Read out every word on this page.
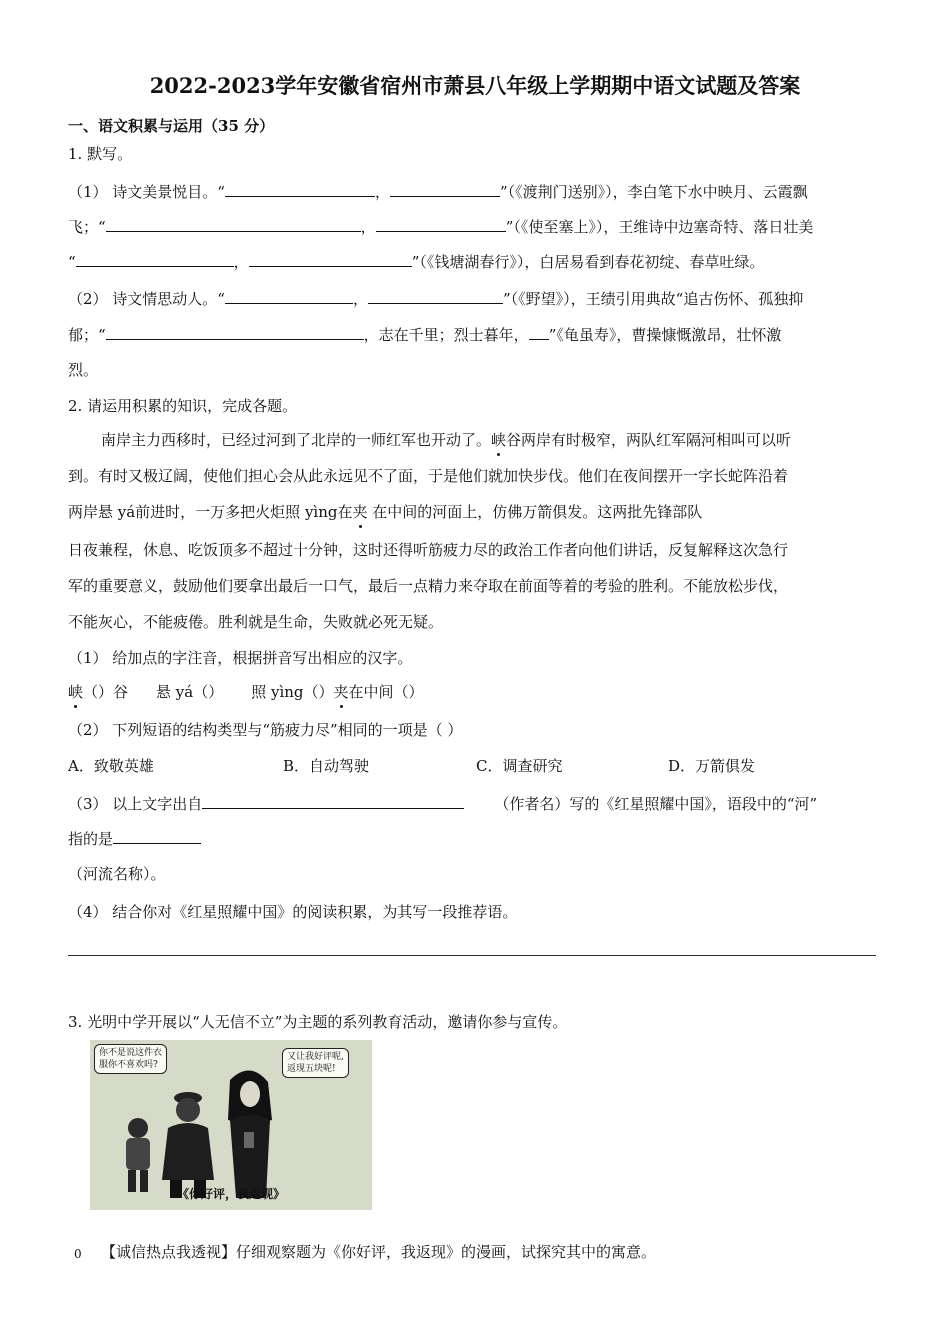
2022-2023学年安徽省宿州市萧县八年级上学期期中语文试题及答案
一、语文积累与运用（35 分）
1. 默写。
（1） 诗文美景悦目。“	，	”（《渡荆门送别》），李白笔下水中映月、云霞飘
飞；“	，	”（《使至塞上》），王维诗中边塞奇特、落日壮美
“	，	”（《钱塘湖春行》），白居易看到春花初绽、春草吐绿。
（2） 诗文情思动人。“	，	”（《野望》），王绩引用典故“追古伤怀、孤独抑
郁；“	，志在千里；烈士暮年， ”《龟虽寿》，曹操慷慨激昂，壮怀激
烈。
2. 请运用积累的知识，完成各题。
南岸主力西移时，已经过河到了北岸的一师红军也开动了。峡谷两岸有时极窄，两队红军隔河相叫可以听
到。有时又极辽阔，使他们担心会从此永远见不了面，于是他们就加快步伐。他们在夜间摆开一字长蛇阵沿着
两岸悬 yá前进时，一万多把火炬照 yìng在夹 在中间的河面上，仿佛万箭俱发。这两批先锋部队
日夜兼程，休息、吃饭顶多不超过十分钟，这时还得听筋疲力尽的政治工作者向他们讲话，反复解释这次急行
军的重要意义，鼓励他们要拿出最后一口气，最后一点精力来夺取在前面等着的考验的胜利。不能放松步伐，
不能灰心，不能疲倦。胜利就是生命，失败就必死无疑。
（1） 给加点的字注音，根据拼音写出相应的汉字。
峡（）谷 悬 yá（） 照 yìng（）夹在中间（）
（2） 下列短语的结构类型与“筋疲力尽”相同的一项是（ ）
A．致敬英雄	B．自动驾驶	C．调查研究	D．万箭俱发
（3） 以上文字出自	（作者名）写的《红星照耀中国》，语段中的“河”
指的是
（河流名称）。
（4） 结合你对《红星照耀中国》的阅读积累，为其写一段推荐语。
3. 光明中学开展以“人无信不立”为主题的系列教育活动，邀请你参与宣传。
你不是说这件衣
服你不喜欢吗?
又让我好评呢,
返现五块呢!
《你好评，我返现》
0 【诚信热点我透视】仔细观察题为《你好评，我返现》的漫画，试探究其中的寓意。
